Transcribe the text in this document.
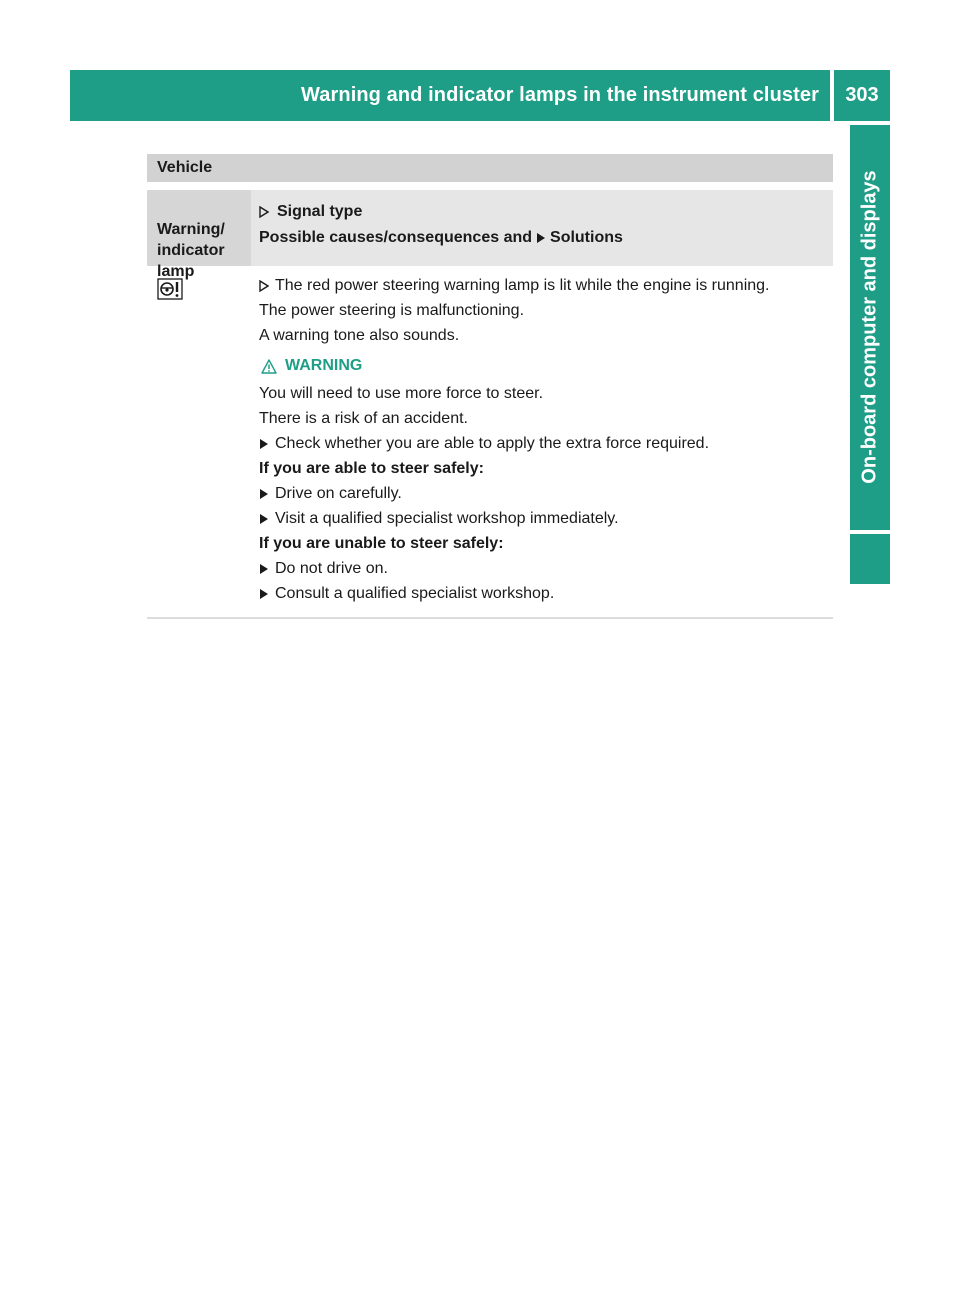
Warning and indicator lamps in the instrument cluster 303
On-board computer and displays
Vehicle

Warning/
indicator
lamp

Signal type
Possible causes/consequences and Solutions
The red power steering warning lamp is lit while the engine is running.
The power steering is malfunctioning.
A warning tone also sounds.
WARNING
You will need to use more force to steer.
There is a risk of an accident.
Check whether you are able to apply the extra force required.
If you are able to steer safely:
Drive on carefully.
Visit a qualified specialist workshop immediately.
If you are unable to steer safely:
Do not drive on.
Consult a qualified specialist workshop.
